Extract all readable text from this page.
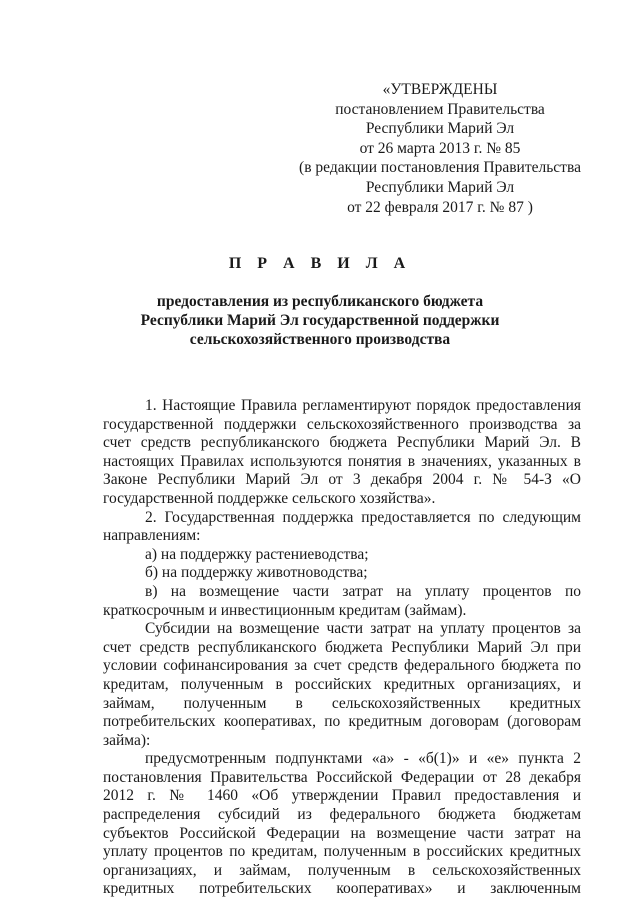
«УТВЕРЖДЕНЫ
постановлением Правительства
Республики Марий Эл
от 26 марта 2013 г. № 85
(в редакции постановления Правительства
Республики Марий Эл
от 22 февраля 2017 г. № 87 )
П Р А В И Л А
предоставления из республиканского бюджета
Республики Марий Эл государственной поддержки
сельскохозяйственного производства

1. Настоящие Правила регламентируют порядок предоставления государственной поддержки сельскохозяйственного производства за счет средств республиканского бюджета Республики Марий Эл. В настоящих Правилах используются понятия в значениях, указанных в Законе Республики Марий Эл от 3 декабря 2004 г. № 54-З «О государственной поддержке сельского хозяйства».

2. Государственная поддержка предоставляется по следующим направлениям:

а) на поддержку растениеводства;

б) на поддержку животноводства;

в) на возмещение части затрат на уплату процентов по краткосрочным и инвестиционным кредитам (займам).

Субсидии на возмещение части затрат на уплату процентов за счет средств республиканского бюджета Республики Марий Эл при условии софинансирования за счет средств федерального бюджета по кредитам, полученным в российских кредитных организациях, и займам, полученным в сельскохозяйственных кредитных потребительских кооперативах, по кредитным договорам (договорам займа):

предусмотренным подпунктами «а» - «б(1)» и «е» пункта 2 постановления Правительства Российской Федерации от 28 декабря 2012 г. № 1460 «Об утверждении Правил предоставления и распределения субсидий из федерального бюджета бюджетам субъектов Российской Федерации на возмещение части затрат на уплату процентов по кредитам, полученным в российских кредитных организациях, и займам, полученным в сельскохозяйственных кредитных потребительских кооперативах» и заключенным
